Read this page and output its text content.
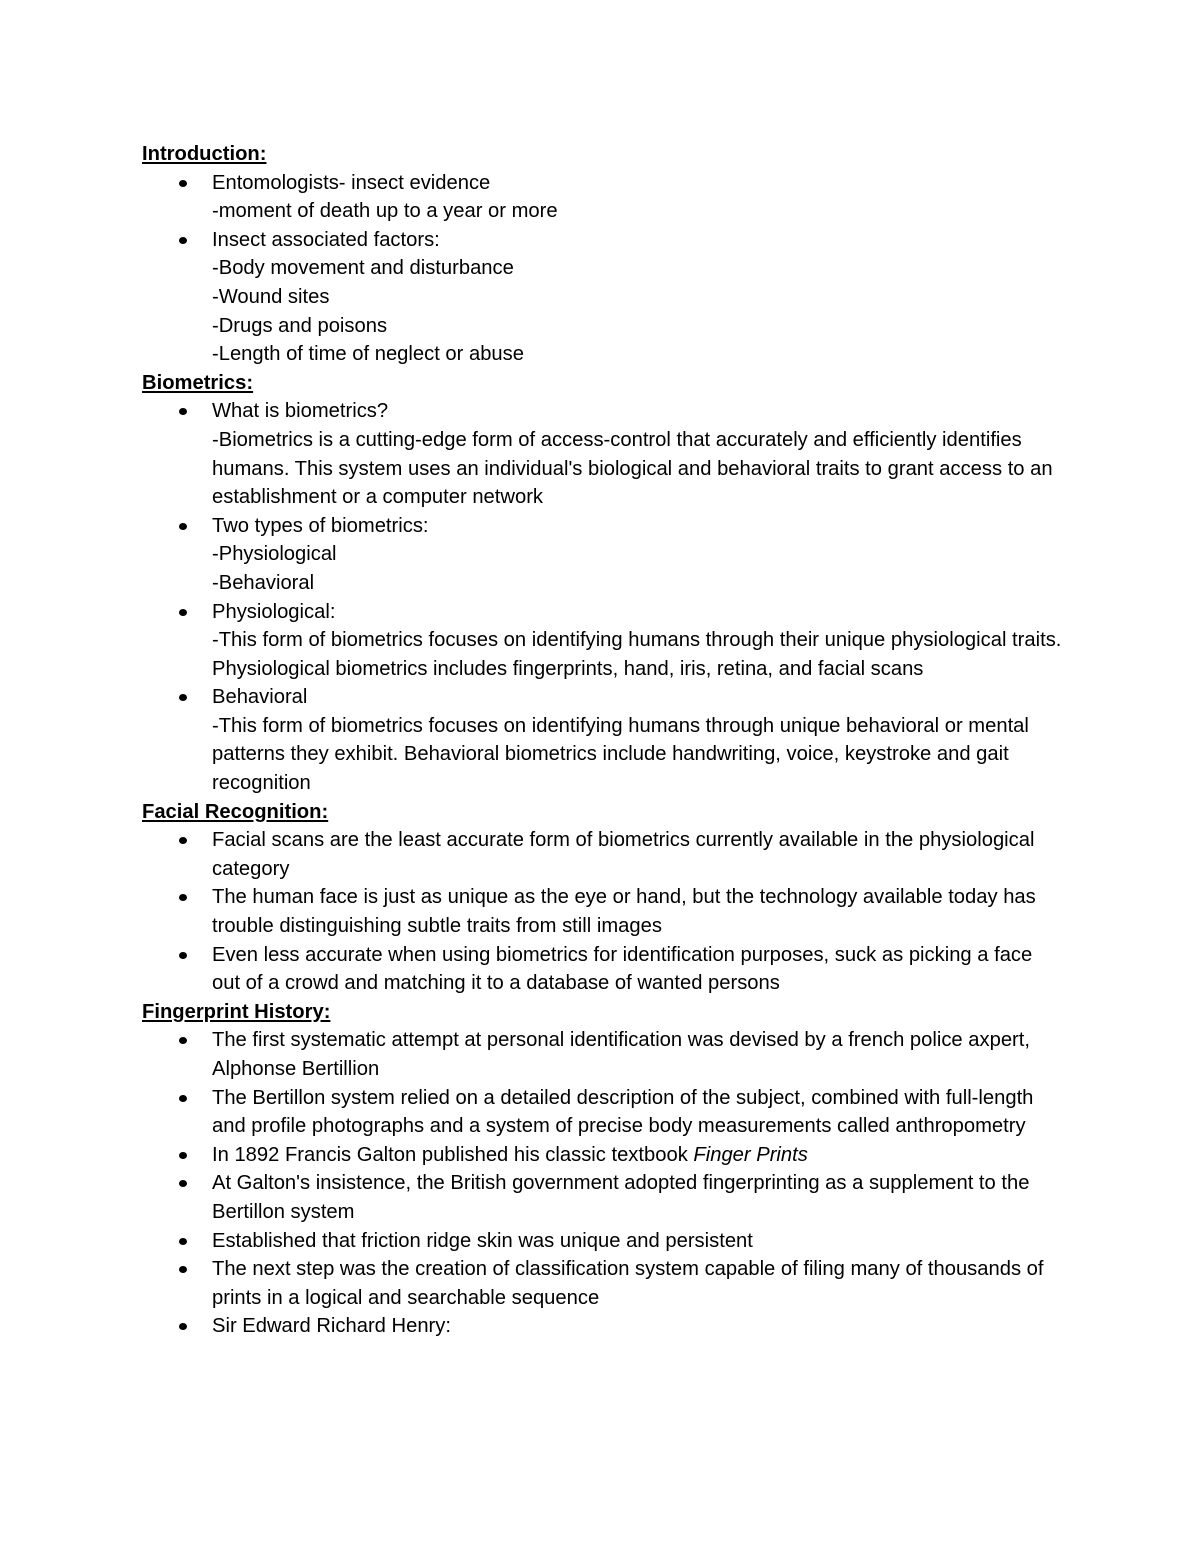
Introduction:
Entomologists- insect evidence
-moment of death up to a year or more
Insect associated factors:
-Body movement and disturbance
-Wound sites
-Drugs and poisons
-Length of time of neglect or abuse
Biometrics:
What is biometrics?
-Biometrics is a cutting-edge form of access-control that accurately and efficiently identifies humans. This system uses an individual's biological and behavioral traits to grant access to an establishment or a computer network
Two types of biometrics:
-Physiological
-Behavioral
Physiological:
-This form of biometrics focuses on identifying humans through their unique physiological traits. Physiological biometrics includes fingerprints, hand, iris, retina, and facial scans
Behavioral
-This form of biometrics focuses on identifying humans through unique behavioral or mental patterns they exhibit. Behavioral biometrics include handwriting, voice, keystroke and gait recognition
Facial Recognition:
Facial scans are the least accurate form of biometrics currently available in the physiological category
The human face is just as unique as the eye or hand, but the technology available today has trouble distinguishing subtle traits from still images
Even less accurate when using biometrics for identification purposes, suck as picking a face out of a crowd and matching it to a database of wanted persons
Fingerprint History:
The first systematic attempt at personal identification was devised by a french police axpert, Alphonse Bertillion
The Bertillon system relied on a detailed description of the subject, combined with full-length and profile photographs and a system of precise body measurements called anthropometry
In 1892 Francis Galton published his classic textbook Finger Prints
At Galton's insistence, the British government adopted fingerprinting as a supplement to the Bertillon system
Established that friction ridge skin was unique and persistent
The next step was the creation of classification system capable of filing many of thousands of prints in a logical and searchable sequence
Sir Edward Richard Henry:
